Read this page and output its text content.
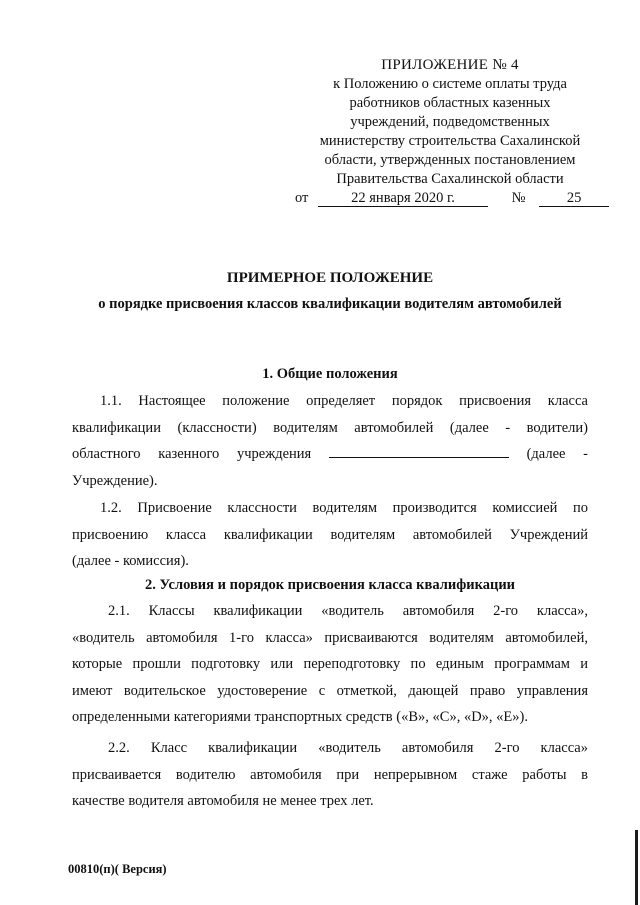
ПРИЛОЖЕНИЕ № 4
к Положению о системе оплаты труда
работников областных казенных
учреждений, подведомственных
министерству строительства Сахалинской
области, утвержденных постановлением
Правительства Сахалинской области
от	22 января 2020 г.	№	25
ПРИМЕРНОЕ ПОЛОЖЕНИЕ
о порядке присвоения классов квалификации водителям автомобилей
1. Общие положения
1.1. Настоящее положение определяет порядок присвоения класса
квалификации (классности) водителям автомобилей (далее - водители)
областного казенного учреждения	(далее -
Учреждение).
1.2. Присвоение классности водителям производится комиссией по
присвоению класса квалификации водителям автомобилей Учреждений
(далее - комиссия).
2. Условия и порядок присвоения класса квалификации
2.1. Классы квалификации «водитель автомобиля 2-го класса»,
«водитель автомобиля 1-го класса» присваиваются водителям автомобилей,
которые прошли подготовку или переподготовку по единым программам и
имеют водительское удостоверение с отметкой, дающей право управления
определенными категориями транспортных средств («В», «С», «D», «Е»).
2.2. Класс квалификации «водитель автомобиля 2-го класса»
присваивается водителю автомобиля при непрерывном стаже работы в
качестве водителя автомобиля не менее трех лет.
00810(п)( Версия)
